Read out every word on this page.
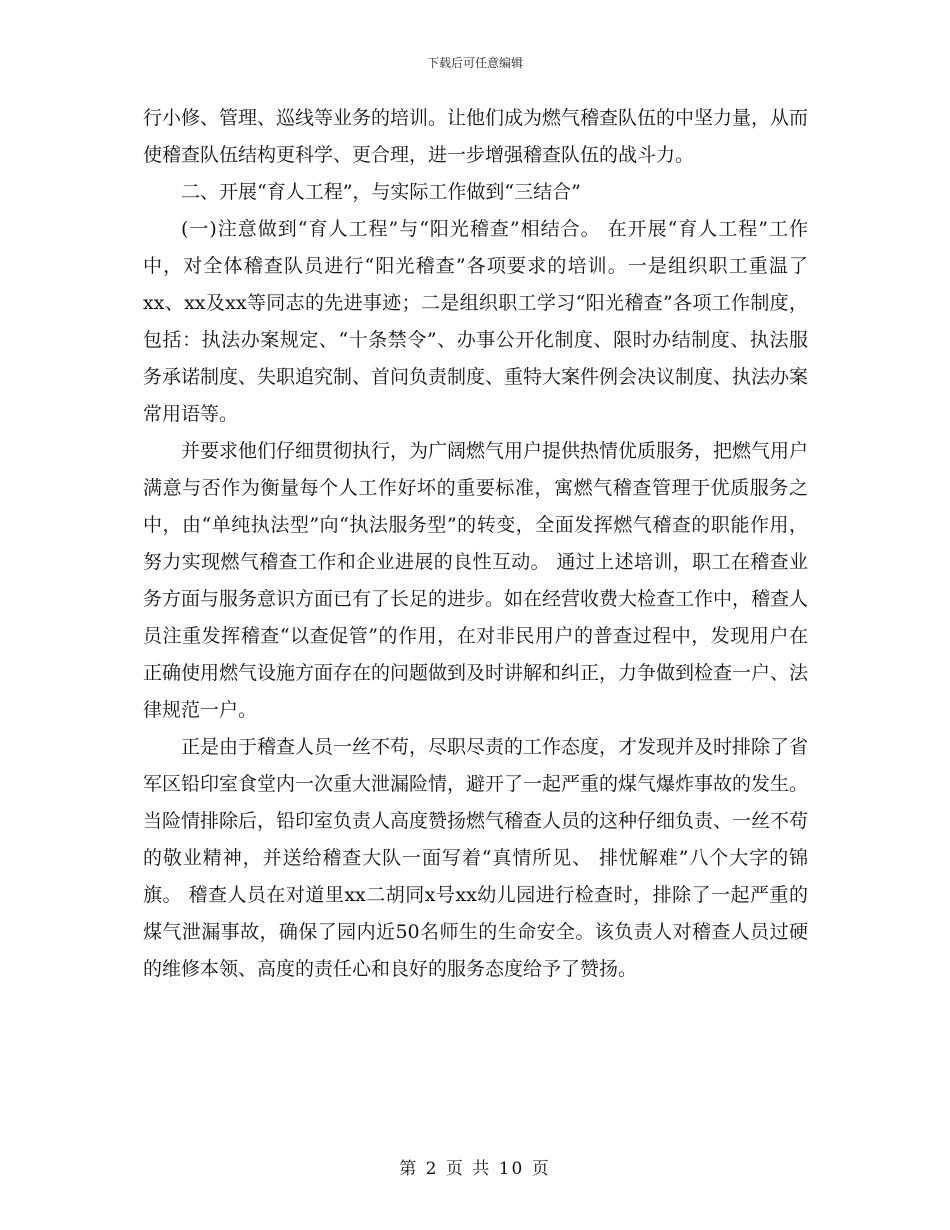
下载后可任意编辑

行小修、管理、巡线等业务的培训。让他们成为燃气稽查队伍的中坚力量，从而使稽查队伍结构更科学、更合理，进一步增强稽查队伍的战斗力。

二、开展“育人工程”，与实际工作做到“三结合”

(一)注意做到“育人工程”与“阳光稽查”相结合。 在开展“育人工程”工作中，对全体稽查队员进行“阳光稽查”各项要求的培训。一是组织职工重温了xx、xx及xx等同志的先进事迹；二是组织职工学习“阳光稽查”各项工作制度，包括：执法办案规定、“十条禁令”、办事公开化制度、限时办结制度、执法服务承诺制度、失职追究制、首问负责制度、重特大案件例会决议制度、执法办案常用语等。

并要求他们仔细贯彻执行，为广阔燃气用户提供热情优质服务，把燃气用户满意与否作为衡量每个人工作好坏的重要标准，寓燃气稽查管理于优质服务之中，由“单纯执法型”向“执法服务型”的转变，全面发挥燃气稽查的职能作用，努力实现燃气稽查工作和企业进展的良性互动。 通过上述培训，职工在稽查业务方面与服务意识方面已有了长足的进步。如在经营收费大检查工作中，稽查人员注重发挥稽查“以查促管”的作用，在对非民用户的普查过程中，发现用户在正确使用燃气设施方面存在的问题做到及时讲解和纠正，力争做到检查一户、法律规范一户。

正是由于稽查人员一丝不苟，尽职尽责的工作态度，才发现并及时排除了省军区铅印室食堂内一次重大泄漏险情，避开了一起严重的煤气爆炸事故的发生。当险情排除后，铅印室负责人高度赞扬燃气稽查人员的这种仔细负责、一丝不苟的敬业精神，并送给稽查大队一面写着“真情所见、 排忧解难”八个大字的锦旗。 稽查人员在对道里xx二胡同x号xx幼儿园进行检查时，排除了一起严重的煤气泄漏事故，确保了园内近50名师生的生命安全。该负责人对稽查人员过硬的维修本领、高度的责任心和良好的服务态度给予了赞扬。

第 2 页 共 10 页
